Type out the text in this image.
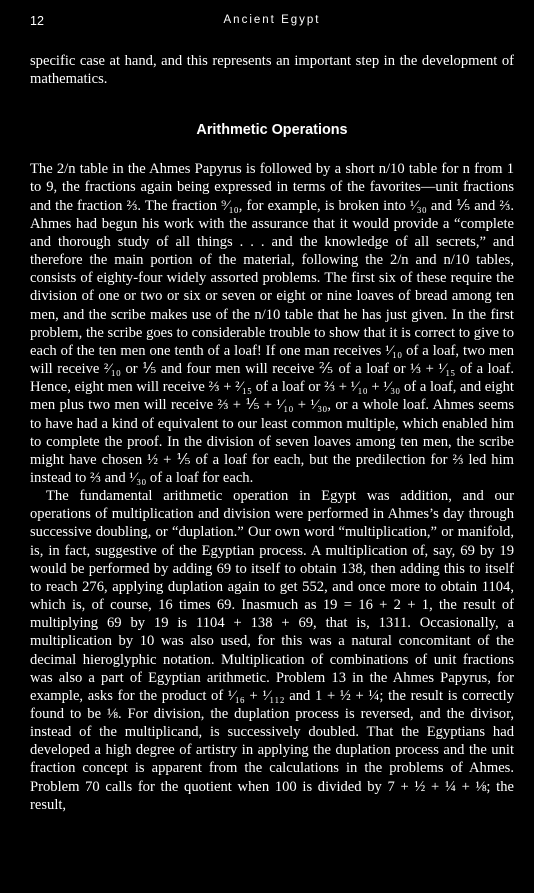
12	Ancient Egypt

specific case at hand, and this represents an important step in the development of mathematics.

Arithmetic Operations

The 2/n table in the Ahmes Papyrus is followed by a short n/10 table for n from 1 to 9, the fractions again being expressed in terms of the favorites—unit fractions and the fraction ⅔. The fraction ⁹⁄₁₀, for example, is broken into ¹⁄₃₀ and ⅕ and ⅔. Ahmes had begun his work with the assurance that it would provide a “complete and thorough study of all things . . . and the knowledge of all secrets,” and therefore the main portion of the material, following the 2/n and n/10 tables, consists of eighty-four widely assorted problems. The first six of these require the division of one or two or six or seven or eight or nine loaves of bread among ten men, and the scribe makes use of the n/10 table that he has just given. In the first problem, the scribe goes to considerable trouble to show that it is correct to give to each of the ten men one tenth of a loaf! If one man receives ¹⁄₁₀ of a loaf, two men will receive ²⁄₁₀ or ⅕ and four men will receive ⅖ of a loaf or ⅓ + ¹⁄₁₅ of a loaf. Hence, eight men will receive ⅔ + ²⁄₁₅ of a loaf or ⅔ + ¹⁄₁₀ + ¹⁄₃₀ of a loaf, and eight men plus two men will receive ⅔ + ⅕ + ¹⁄₁₀ + ¹⁄₃₀, or a whole loaf. Ahmes seems to have had a kind of equivalent to our least common multiple, which enabled him to complete the proof. In the division of seven loaves among ten men, the scribe might have chosen ½ + ⅕ of a loaf for each, but the predilection for ⅔ led him instead to ⅔ and ¹⁄₃₀ of a loaf for each.

The fundamental arithmetic operation in Egypt was addition, and our operations of multiplication and division were performed in Ahmes’s day through successive doubling, or “duplation.” Our own word “multiplication,” or manifold, is, in fact, suggestive of the Egyptian process. A multiplication of, say, 69 by 19 would be performed by adding 69 to itself to obtain 138, then adding this to itself to reach 276, applying duplation again to get 552, and once more to obtain 1104, which is, of course, 16 times 69. Inasmuch as 19 = 16 + 2 + 1, the result of multiplying 69 by 19 is 1104 + 138 + 69, that is, 1311. Occasionally, a multiplication by 10 was also used, for this was a natural concomitant of the decimal hieroglyphic notation. Multiplication of combinations of unit fractions was also a part of Egyptian arithmetic. Problem 13 in the Ahmes Papyrus, for example, asks for the product of ¹⁄₁₆ + ¹⁄₁₁₂ and 1 + ½ + ¼; the result is correctly found to be ⅛. For division, the duplation process is reversed, and the divisor, instead of the multiplicand, is successively doubled. That the Egyptians had developed a high degree of artistry in applying the duplation process and the unit fraction concept is apparent from the calculations in the problems of Ahmes. Problem 70 calls for the quotient when 100 is divided by 7 + ½ + ¼ + ⅛; the result,
